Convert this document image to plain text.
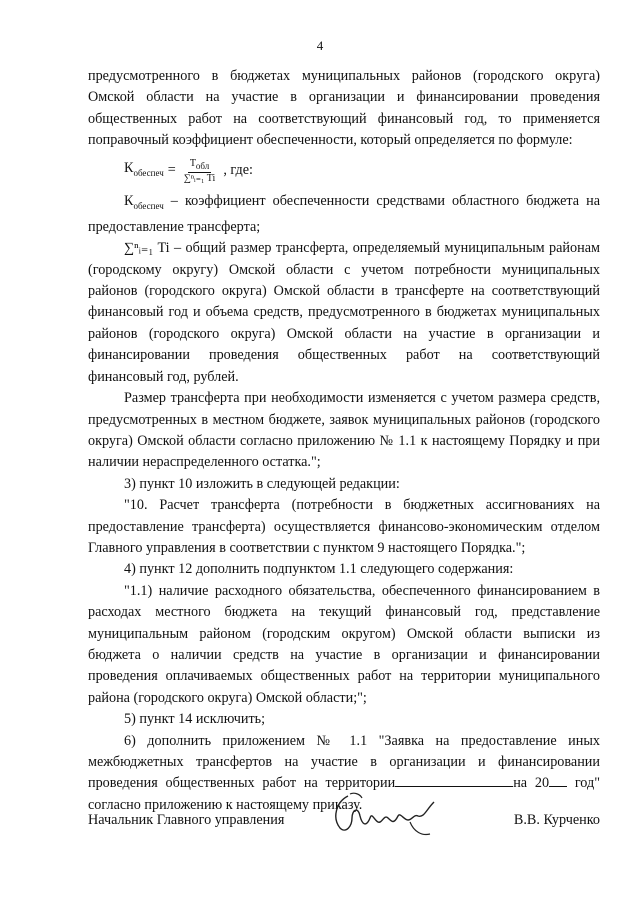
4

предусмотренного в бюджетах муниципальных районов (городского округа) Омской области на участие в организации и финансировании проведения общественных работ на соответствующий финансовый год, то применяется поправочный коэффициент обеспеченности, который определяется по формуле:

$К_{обеспеч} = \frac{Т_{обл}}{\text{∑ⁿᵢ₌₁ Ti}}$ , где:

$К_{обеспеч}$ – коэффициент обеспеченности средствами областного бюджета на предоставление трансферта;

∑ⁿᵢ₌₁ Ti – общий размер трансферта, определяемый муниципальным районам (городскому округу) Омской области с учетом потребности муниципальных районов (городского округа) Омской области в трансферте на соответствующий финансовый год и объема средств, предусмотренного в бюджетах муниципальных районов (городского округа) Омской области на участие в организации и финансировании проведения общественных работ на соответствующий финансовый год, рублей.

Размер трансферта при необходимости изменяется с учетом размера средств, предусмотренных в местном бюджете, заявок муниципальных районов (городского округа) Омской области согласно приложению № 1.1 к настоящему Порядку и при наличии нераспределенного остатка.";

3) пункт 10 изложить в следующей редакции:

"10. Расчет трансферта (потребности в бюджетных ассигнованиях на предоставление трансферта) осуществляется финансово-экономическим отделом Главного управления в соответствии с пунктом 9 настоящего Порядка.";

4) пункт 12 дополнить подпунктом 1.1 следующего содержания:

"1.1) наличие расходного обязательства, обеспеченного финансированием в расходах местного бюджета на текущий финансовый год, представление муниципальным районом (городским округом) Омской области выписки из бюджета о наличии средств на участие в организации и финансировании проведения оплачиваемых общественных работ на территории муниципального района (городского округа) Омской области;";

5) пункт 14 исключить;

6) дополнить приложением № 1.1 "Заявка на предоставление иных межбюджетных трансфертов на участие в организации и финансировании проведения общественных работ на территории	на 20 год" согласно приложению к настоящему приказу.

Начальник Главного управления	В.В. Курченко
